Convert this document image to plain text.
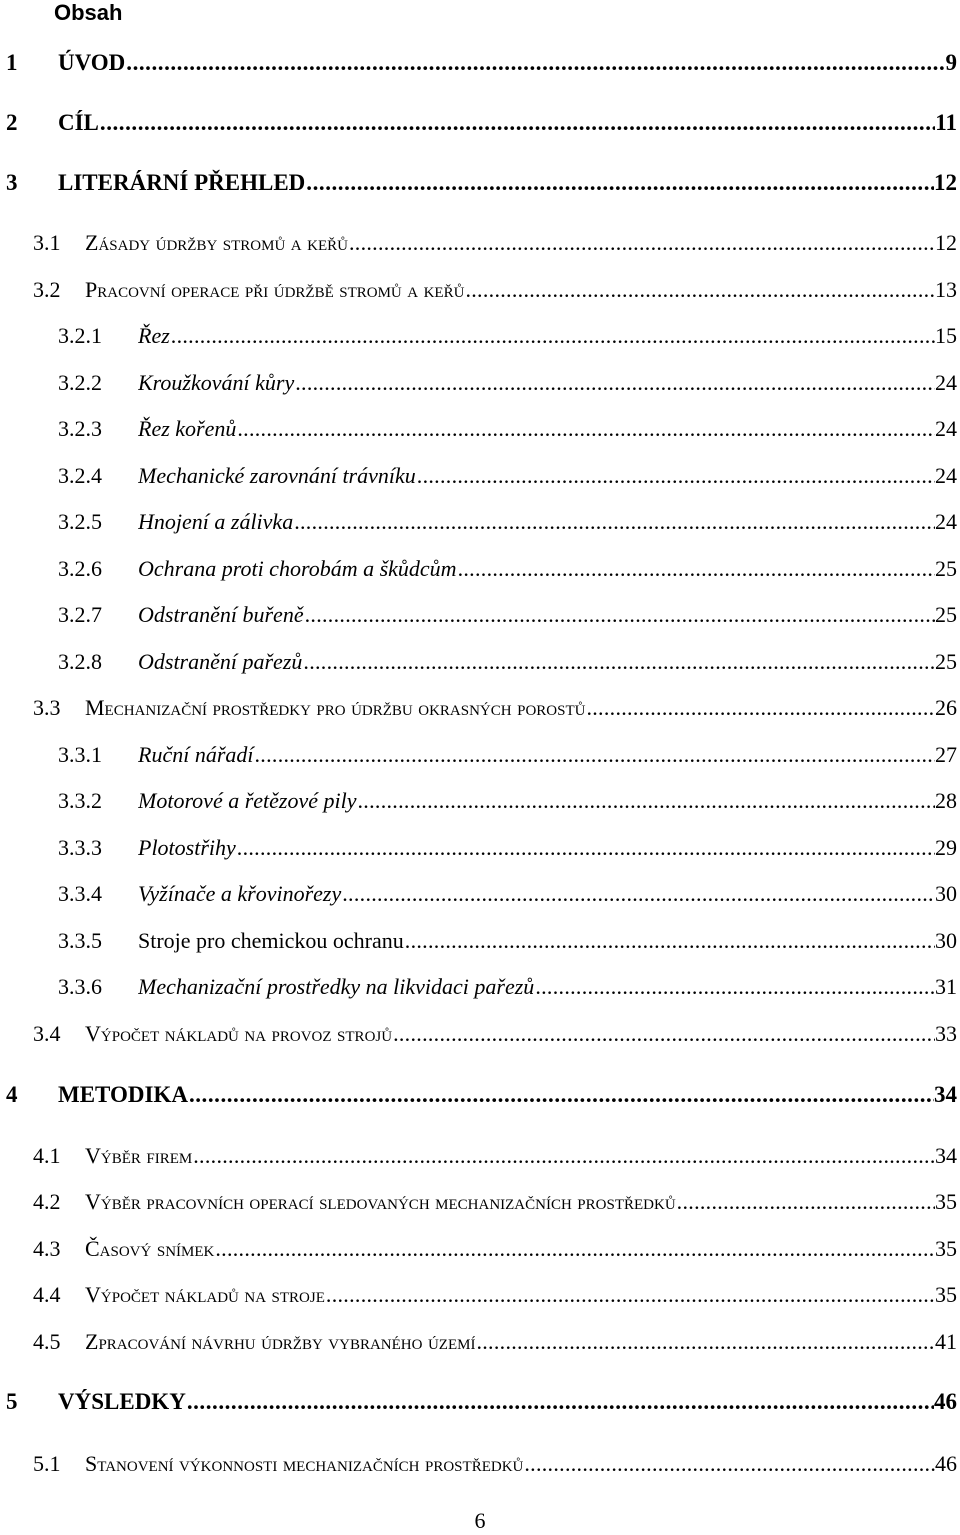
Obsah
1 ÚVOD . . .	9
2 CÍL . . .	11
3 LITERÁRNÍ PŘEHLED . . .	12
3.1 Zásady údržby stromů a keřů . . .	12
3.2 Pracovní operace při údržbě stromů a keřů . . .	13
3.2.1 Řez . . .	15
3.2.2 Kroužkování kůry . . .	24
3.2.3 Řez kořenů . . .	24
3.2.4 Mechanické zarovnání trávníku . . .	24
3.2.5 Hnojení a zálivka . . .	24
3.2.6 Ochrana proti chorobám a škůdcům . . .	25
3.2.7 Odstranění buřeně . . .	25
3.2.8 Odstranění pařezů . . .	25
3.3 Mechanizační prostředky pro údržbu okrasných porostů . . .	26
3.3.1 Ruční nářadí . . .	27
3.3.2 Motorové a řetězové pily . . .	28
3.3.3 Plotostřihy . . .	29
3.3.4 Vyžínače a křovinořezy . . .	30
3.3.5 Stroje pro chemickou ochranu . . .	30
3.3.6 Mechanizační prostředky na likvidaci pařezů . . .	31
3.4 Výpočet nákladů na provoz strojů . . .	33
4 METODIKA . . .	34
4.1 Výběr firem . . .	34
4.2 Výběr pracovních operací sledovaných mechanizačních prostředků . . .	35
4.3 Časový snímek . . .	35
4.4 Výpočet nákladů na stroje . . .	35
4.5 Zpracování návrhu údržby vybraného území . . .	41
5 VÝSLEDKY . . .	46
5.1 Stanovení výkonnosti mechanizačních prostředků . . .	46
6
